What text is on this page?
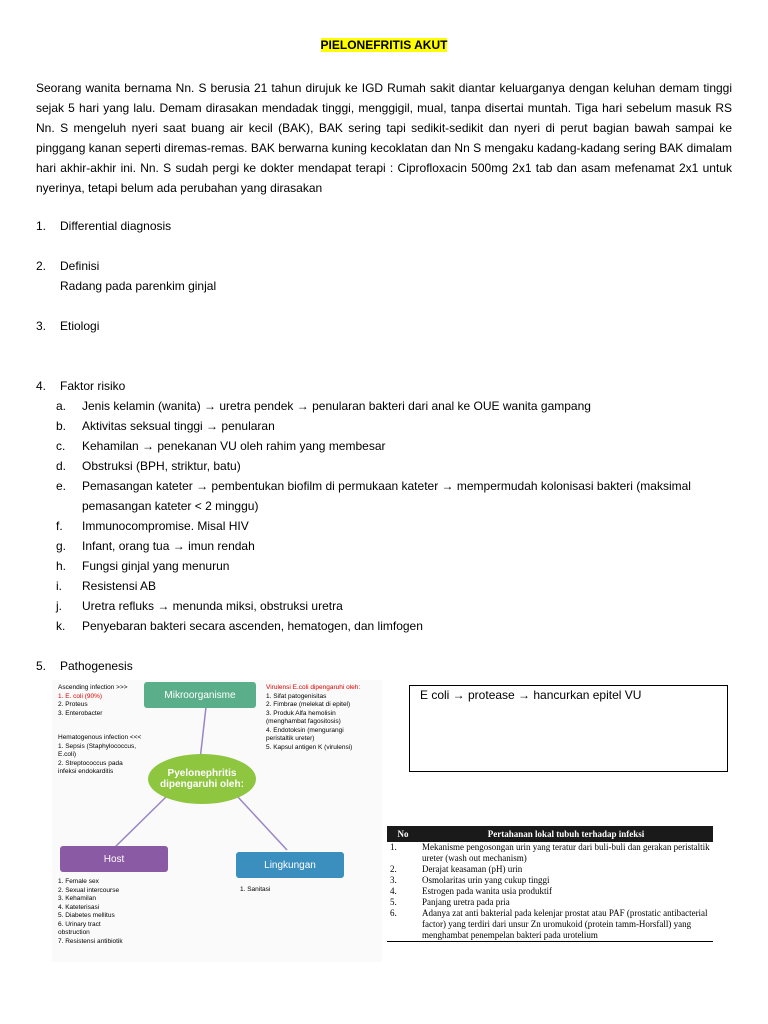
PIELONEFRITIS AKUT
Seorang wanita bernama Nn. S berusia 21 tahun dirujuk ke IGD Rumah sakit diantar keluarganya dengan keluhan demam tinggi sejak 5 hari yang lalu. Demam dirasakan mendadak tinggi, menggigil, mual, tanpa disertai muntah. Tiga hari sebelum masuk RS Nn. S mengeluh nyeri saat buang air kecil (BAK), BAK sering tapi sedikit-sedikit dan nyeri di perut bagian bawah sampai ke pinggang kanan seperti diremas-remas. BAK berwarna kuning kecoklatan dan Nn S mengaku kadang-kadang sering BAK dimalam hari akhir-akhir ini. Nn. S sudah pergi ke dokter mendapat terapi : Ciprofloxacin 500mg 2x1 tab dan asam mefenamat 2x1 untuk nyerinya, tetapi belum ada perubahan yang dirasakan
1. Differential diagnosis
2. Definisi
Radang pada parenkim ginjal
3. Etiologi
4. Faktor risiko
a.	Jenis kelamin (wanita) → uretra pendek → penularan bakteri dari anal ke OUE wanita gampang
b.	Aktivitas seksual tinggi → penularan
c.	Kehamilan → penekanan VU oleh rahim yang membesar
d.	Obstruksi (BPH, striktur, batu)
e.	Pemasangan kateter → pembentukan biofilm di permukaan kateter → mempermudah kolonisasi bakteri (maksimal pemasangan kateter < 2 minggu)
f.	Immunocompromise. Misal HIV
g.	Infant, orang tua → imun rendah
h.	Fungsi ginjal yang menurun
i.	Resistensi AB
j.	Uretra refluks → menunda miksi, obstruksi uretra
k.	Penyebaran bakteri secara ascenden, hematogen, dan limfogen
5. Pathogenesis
Ascending infection >>>
1. E. coli (90%)
2. Proteus
3. Enterobacter
Hematogenous infection <<<
1. Sepsis (Staphylococcus,
E.coli)
2. Streptococcus pada
infeksi endokarditis
Virulensi E.coli dipengaruhi oleh:
1. Sifat patogenisitas
2. Fimbrae (melekat di epitel)
3. Produk Alfa hemolisin
(menghambat fagositosis)
4. Endotoksin (mengurangi
peristaltik ureter)
5. Kapsul antigen K (virulensi)
Mikroorganisme
Pyelonephritis dipengaruhi oleh:
Host
Lingkungan
1. Female sex
2. Sexual intercourse
3. Kehamilan
4. Kateterisasi
5. Diabetes mellitus
6. Urinary tract
obstruction
7. Resistensi antibiotik
1. Sanitasi
E coli → protease → hancurkan epitel VU
No	Pertahanan lokal tubuh terhadap infeksi
1.	Mekanisme pengosongan urin yang teratur dari buli-buli dan gerakan peristaltik ureter (wash out mechanism)
2.	Derajat keasaman (pH) urin
3.	Osmolaritas urin yang cukup tinggi
4.	Estrogen pada wanita usia produktif
5.	Panjang uretra pada pria
6.	Adanya zat anti bakterial pada kelenjar prostat atau PAF (prostatic antibacterial factor) yang terdiri dari unsur Zn uromukoid (protein tamm-Horsfall) yang menghambat penempelan bakteri pada urotelium
